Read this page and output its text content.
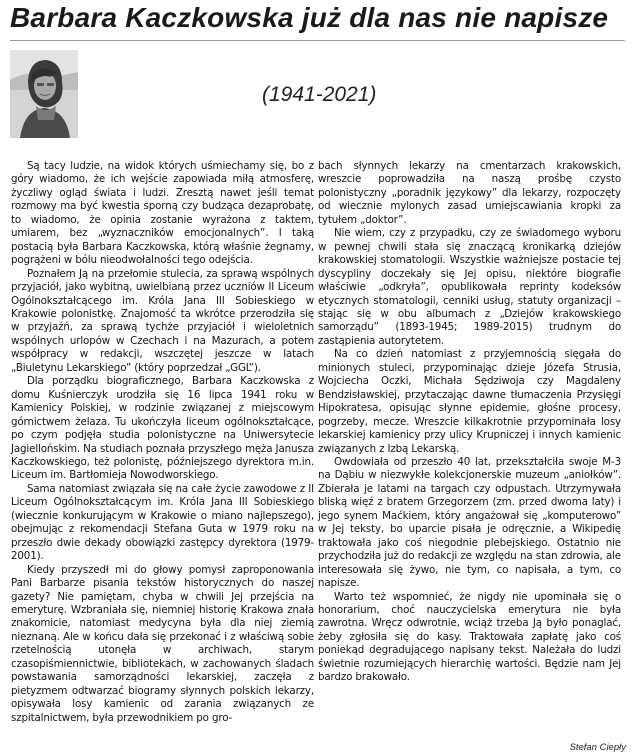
Barbara Kaczkowska już dla nas nie napisze
(1941-2021)

Są tacy ludzie, na widok których uśmiechamy się, bo z góry wiadomo, że ich wejście zapowiada miłą atmosferę, życzliwy ogląd świata i ludzi. Zresztą nawet jeśli temat rozmowy ma być kwestia sporną czy budząca dezaprobatę, to wiadomo, że opinia zostanie wyrażona z taktem, umiarem, bez „wyznaczników emocjonalnych”. I taką postacią była Barbara Kaczkowska, którą właśnie żegnamy, pogrążeni w bólu nieodwołalności tego odejścia.

Poznałem Ją na przełomie stulecia, za sprawą wspólnych przyjaciół, jako wybitną, uwielbianą przez uczniów II Liceum Ogólnokształcącego im. Króla Jana III Sobieskiego w Krakowie polonistkę. Znajomość ta wkrótce przerodziła się w przyjaźń, za sprawą tychże przyjaciół i wieloletnich wspólnych urlopów w Czechach i na Mazurach, a potem współpracy w redakcji, wszczętej jeszcze w latach „Biuletynu Lekarskiego” (który poprzedzał „GGL”).

Dla porządku biograficznego, Barbara Kaczkowska z domu Kuśnierczyk urodziła się 16 lipca 1941 roku w Kamienicy Polskiej, w rodzinie związanej z miejscowym górnictwem żelaza. Tu ukończyła liceum ogólnokształcące, po czym podjęła studia polonistyczne na Uniwersytecie Jagiellońskim. Na studiach poznała przyszłego męża Janusza Kaczkowskiego, też polonistę, późniejszego dyrektora m.in. Liceum im. Bartłomieja Nowodworskiego.

Sama natomiast związała się na całe życie zawodowe z II Liceum Ogólnokształcącym im. Króla Jana III Sobieskiego (wiecznie konkurującym w Krakowie o miano najlepszego), obejmując z rekomendacji Stefana Guta w 1979 roku na przeszło dwie dekady obowiązki zastępcy dyrektora (1979-2001).

Kiedy przyszedł mi do głowy pomysł zaproponowania Pani Barbarze pisania tekstów historycznych do naszej gazety? Nie pamiętam, chyba w chwili Jej przejścia na emeryturę. Wzbraniała się, niemniej historię Krakowa znała znakomicie, natomiast medycyna była dla niej ziemią nieznaną. Ale w końcu dała się przekonać i z właściwą sobie rzetelnością utonęła w archiwach, starym czasopiśmiennictwie, bibliotekach, w zachowanych śladach powstawania samorządności lekarskiej, zaczęła z pietyzmem odtwarzać biogramy słynnych polskich lekarzy, opisywała losy kamienic od zarania związanych ze szpitalnictwem, była przewodnikiem po gro-

bach słynnych lekarzy na cmentarzach krakowskich, wreszcie poprowadziła na naszą prośbę czysto polonistyczny „poradnik językowy” dla lekarzy, rozpoczęty od wiecznie mylonych zasad umiejscawiania kropki za tytułem „doktor”.

Nie wiem, czy z przypadku, czy ze świadomego wyboru w pewnej chwili stała się znaczącą kronikarką dziejów krakowskiej stomatologii. Wszystkie ważniejsze postacie tej dyscypliny doczekały się Jej opisu, niektóre biografie właściwie „odkryła”, opublikowała reprinty kodeksów etycznych stomatologii, cenniki usług, statuty organizacji – stając się w obu albumach z „Dziejów krakowskiego samorządu” (1893-1945; 1989-2015) trudnym do zastąpienia autorytetem.

Na co dzień natomiast z przyjemnością sięgała do minionych stuleci, przypominając dzieje Józefa Strusia, Wojciecha Oczki, Michała Sędziwoja czy Magdaleny Bendzisławskiej, przytaczając dawne tłumaczenia Przysięgi Hipokratesa, opisując słynne epidemie, głośne procesy, pogrzeby, mecze. Wreszcie kilkakrotnie przypominała losy lekarskiej kamienicy przy ulicy Krupniczej i innych kamienic związanych z Izbą Lekarską.

Owdowiała od przeszło 40 lat, przekształciła swoje M-3 na Dąbiu w niezwykłe kolekcjonerskie muzeum „aniołków”. Zbierała je latami na targach czy odpustach. Utrzymywała bliską więź z bratem Grzegorzem (zm. przed dwoma laty) i jego synem Maćkiem, który angażował się „komputerowo” w Jej teksty, bo uparcie pisała je odręcznie, a Wikipedię traktowała jako coś niegodnie plebejskiego. Ostatnio nie przychodziła już do redakcji ze względu na stan zdrowia, ale interesowała się żywo, nie tym, co napisała, a tym, co napisze.

Warto też wspomnieć, że nigdy nie upominała się o honorarium, choć nauczycielska emerytura nie była zawrotna. Wręcz odwrotnie, wciąż trzeba Ją było ponaglać, żeby zgłosiła się do kasy. Traktowała zapłatę jako coś poniekąd degradującego napisany tekst. Należała do ludzi świetnie rozumiejących hierarchię wartości. Będzie nam Jej bardzo brakowało.

Stefan Ciepły
